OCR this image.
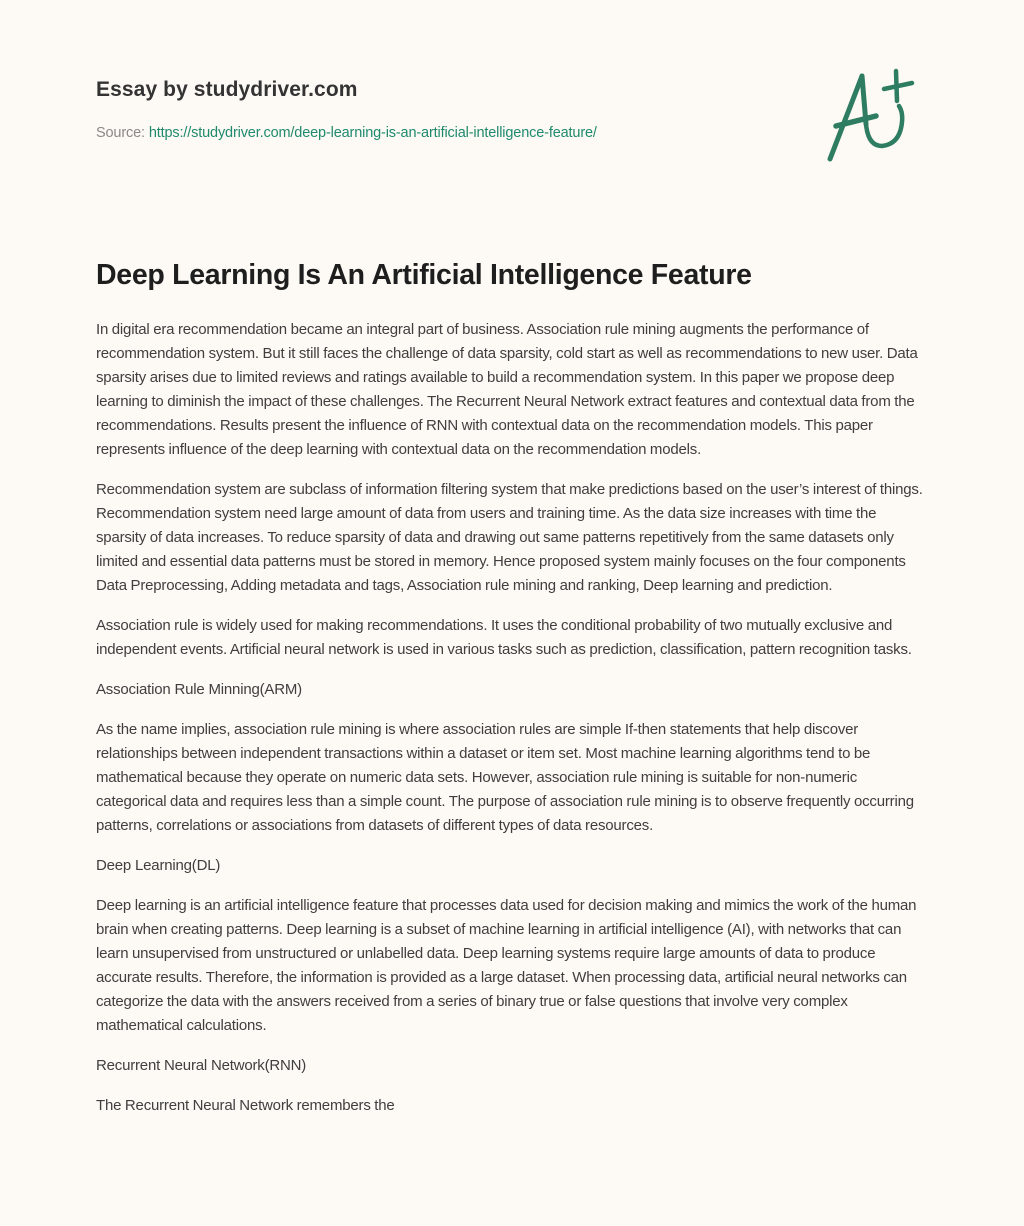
Essay by studydriver.com
Source: https://studydriver.com/deep-learning-is-an-artificial-intelligence-feature/
Deep Learning Is An Artificial Intelligence Feature

In digital era recommendation became an integral part of business. Association rule mining augments the performance of recommendation system. But it still faces the challenge of data sparsity, cold start as well as recommendations to new user. Data sparsity arises due to limited reviews and ratings available to build a recommendation system. In this paper we propose deep learning to diminish the impact of these challenges. The Recurrent Neural Network extract features and contextual data from the recommendations. Results present the influence of RNN with contextual data on the recommendation models. This paper represents influence of the deep learning with contextual data on the recommendation models.

Recommendation system are subclass of information filtering system that make predictions based on the user’s interest of things. Recommendation system need large amount of data from users and training time. As the data size increases with time the sparsity of data increases. To reduce sparsity of data and drawing out same patterns repetitively from the same datasets only limited and essential data patterns must be stored in memory. Hence proposed system mainly focuses on the four components Data Preprocessing, Adding metadata and tags, Association rule mining and ranking, Deep learning and prediction.

Association rule is widely used for making recommendations. It uses the conditional probability of two mutually exclusive and independent events. Artificial neural network is used in various tasks such as prediction, classification, pattern recognition tasks.

Association Rule Minning(ARM)

As the name implies, association rule mining is where association rules are simple If-then statements that help discover relationships between independent transactions within a dataset or item set. Most machine learning algorithms tend to be mathematical because they operate on numeric data sets. However, association rule mining is suitable for non-numeric categorical data and requires less than a simple count. The purpose of association rule mining is to observe frequently occurring patterns, correlations or associations from datasets of different types of data resources.

Deep Learning(DL)

Deep learning is an artificial intelligence feature that processes data used for decision making and mimics the work of the human brain when creating patterns. Deep learning is a subset of machine learning in artificial intelligence (AI), with networks that can learn unsupervised from unstructured or unlabelled data. Deep learning systems require large amounts of data to produce accurate results. Therefore, the information is provided as a large dataset. When processing data, artificial neural networks can categorize the data with the answers received from a series of binary true or false questions that involve very complex mathematical calculations.

Recurrent Neural Network(RNN)

The Recurrent Neural Network remembers the
